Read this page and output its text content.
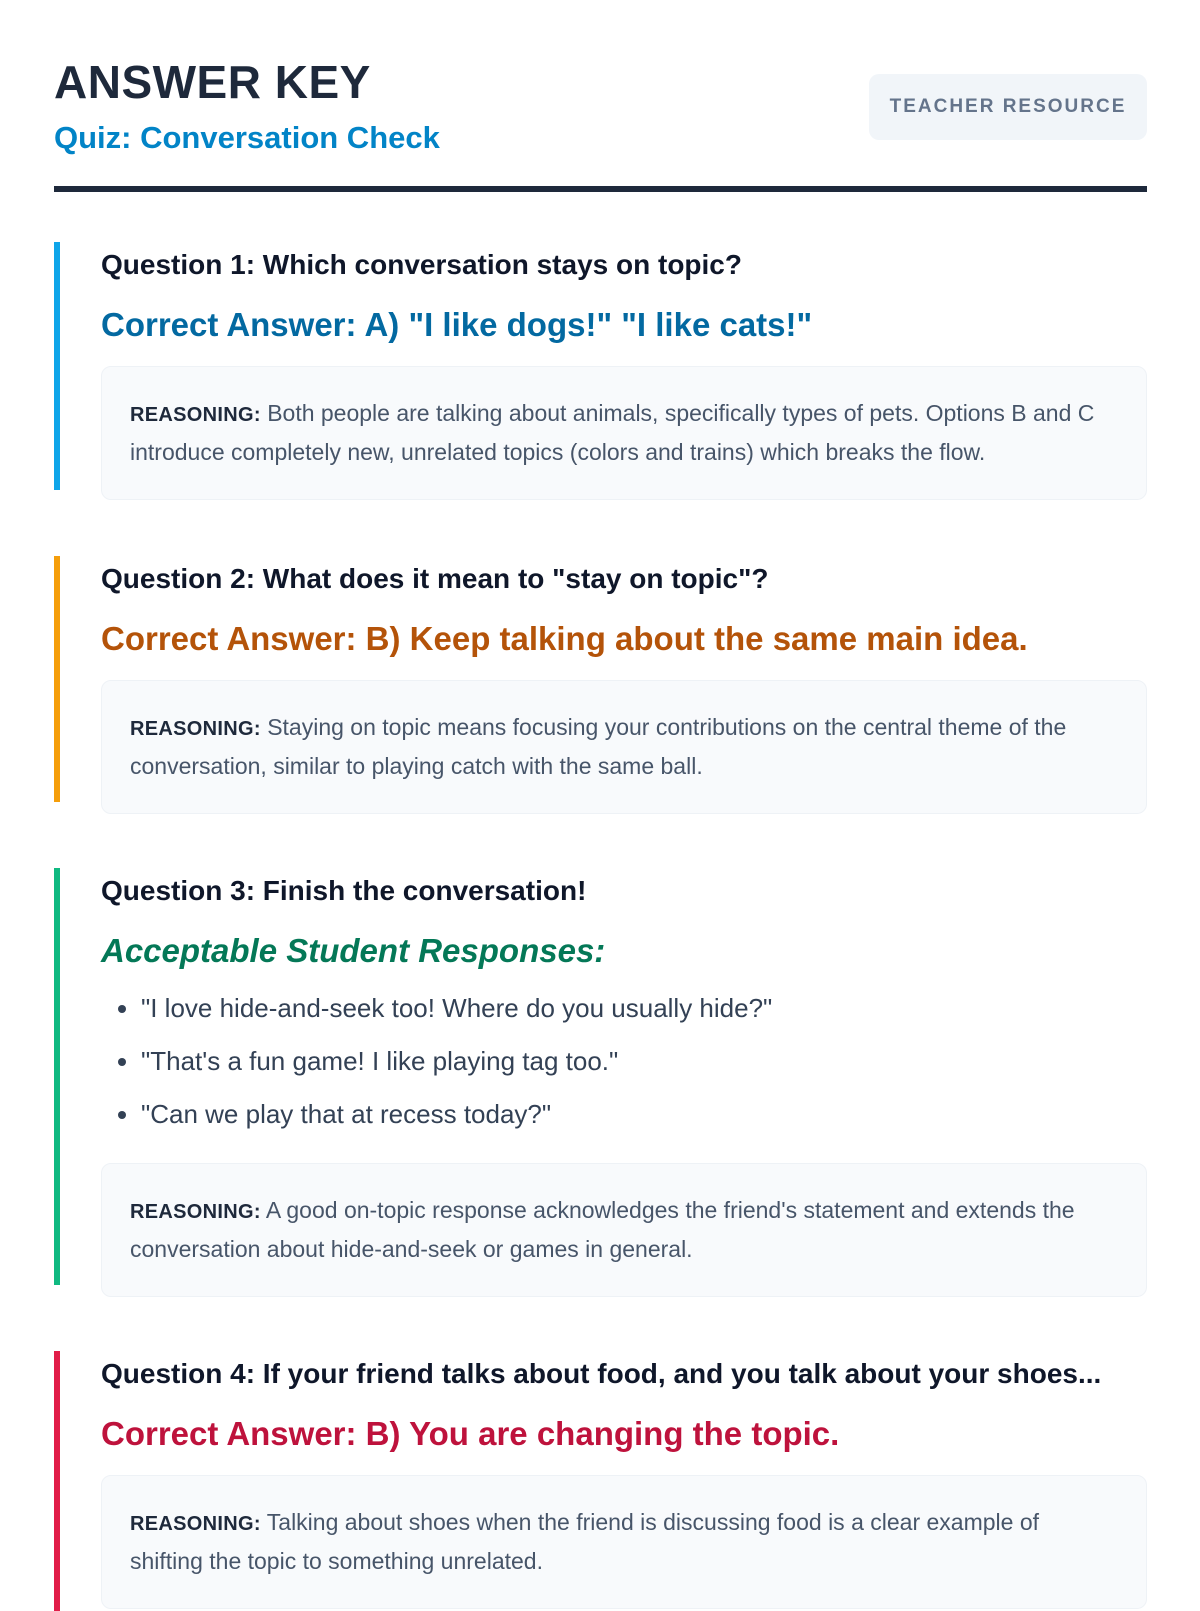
ANSWER KEY
Quiz: Conversation Check
TEACHER RESOURCE
Question 1: Which conversation stays on topic?

Correct Answer: A) "I like dogs!" "I like cats!"

REASONING: Both people are talking about animals, specifically types of pets. Options B and C introduce completely new, unrelated topics (colors and trains) which breaks the flow.
Question 2: What does it mean to "stay on topic"?

Correct Answer: B) Keep talking about the same main idea.

REASONING: Staying on topic means focusing your contributions on the central theme of the conversation, similar to playing catch with the same ball.
Question 3: Finish the conversation!

Acceptable Student Responses:

• "I love hide-and-seek too! Where do you usually hide?"
• "That's a fun game! I like playing tag too."
• "Can we play that at recess today?"
REASONING: A good on-topic response acknowledges the friend's statement and extends the conversation about hide-and-seek or games in general.
Question 4: If your friend talks about food, and you talk about your shoes...

Correct Answer: B) You are changing the topic.

REASONING: Talking about shoes when the friend is discussing food is a clear example of shifting the topic to something unrelated.
